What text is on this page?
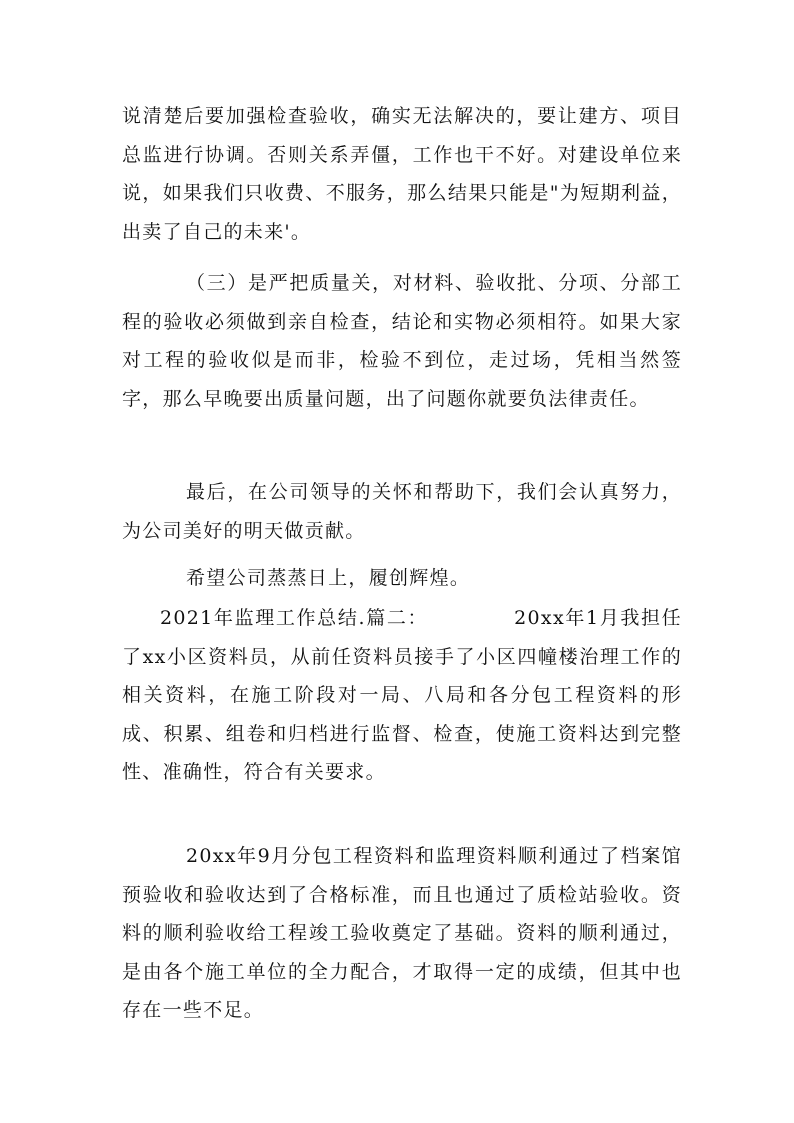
说清楚后要加强检查验收，确实无法解决的，要让建方、项目总监进行协调。否则关系弄僵，工作也干不好。对建设单位来说，如果我们只收费、不服务，那么结果只能是"为短期利益，出卖了自己的未来'。

（三）是严把质量关，对材料、验收批、分项、分部工程的验收必须做到亲自检查，结论和实物必须相符。如果大家对工程的验收似是而非，检验不到位，走过场，凭相当然签字，那么早晚要出质量问题，出了问题你就要负法律责任。

最后，在公司领导的关怀和帮助下，我们会认真努力，为公司美好的明天做贡献。

希望公司蒸蒸日上，履创辉煌。

2021年监理工作总结.篇二：	20xx年1月我担任了xx小区资料员，从前任资料员接手了小区四幢楼治理工作的相关资料，在施工阶段对一局、八局和各分包工程资料的形成、积累、组卷和归档进行监督、检查，使施工资料达到完整性、准确性，符合有关要求。

20xx年9月分包工程资料和监理资料顺利通过了档案馆预验收和验收达到了合格标准，而且也通过了质检站验收。资料的顺利验收给工程竣工验收奠定了基础。资料的顺利通过，是由各个施工单位的全力配合，才取得一定的成绩，但其中也存在一些不足。
